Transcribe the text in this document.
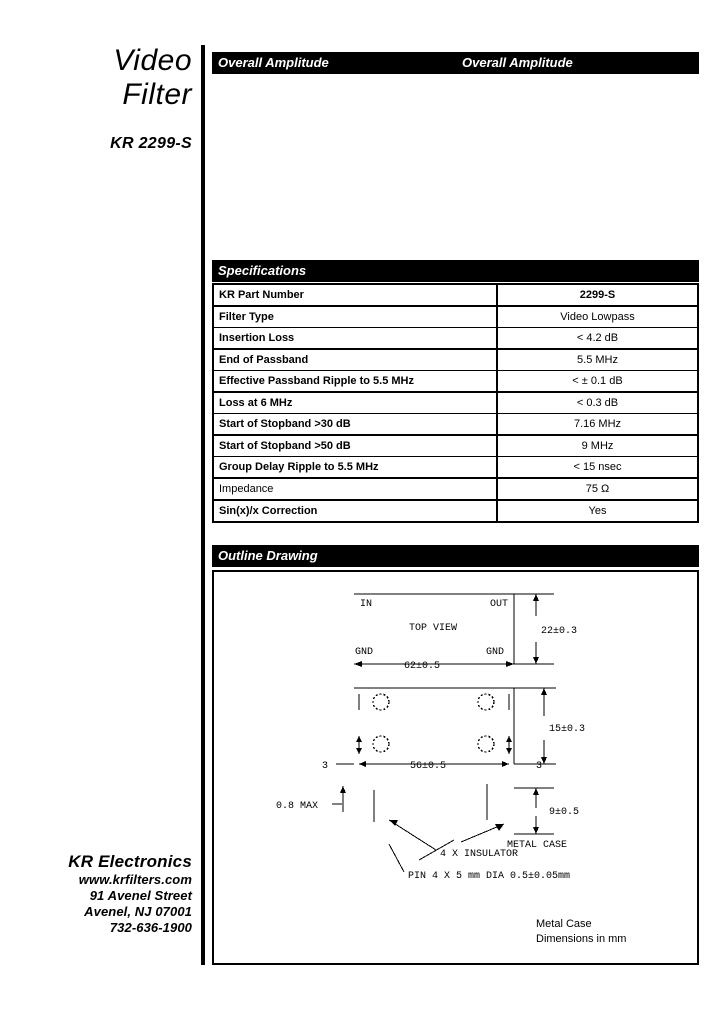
Video
Filter
KR 2299-S
Overall Amplitude	Overall Amplitude
Specifications
KR Part Number	2299-S
Filter Type	Video Lowpass
Insertion Loss	< 4.2 dB
End of Passband	5.5 MHz
Effective Passband Ripple to 5.5 MHz	< ± 0.1 dB
Loss at 6 MHz	< 0.3 dB
Start of Stopband >30 dB	7.16 MHz
Start of Stopband >50 dB	9 MHz
Group Delay Ripple to 5.5 MHz	< 15 nsec
Impedance	75 Ω
Sin(x)/x Correction	Yes
Outline Drawing
IN	OUT
TOP VIEW
GND	GND
22±0.3
62±0.5
15±0.3
56±0.5
3	3
9±0.5
0.8 MAX
METAL CASE
4 X INSULATOR
PIN 4 X 5 mm DIA 0.5±0.05mm
Metal Case
Dimensions in mm
KR Electronics
www.krfilters.com
91 Avenel Street
Avenel, NJ 07001
732-636-1900
